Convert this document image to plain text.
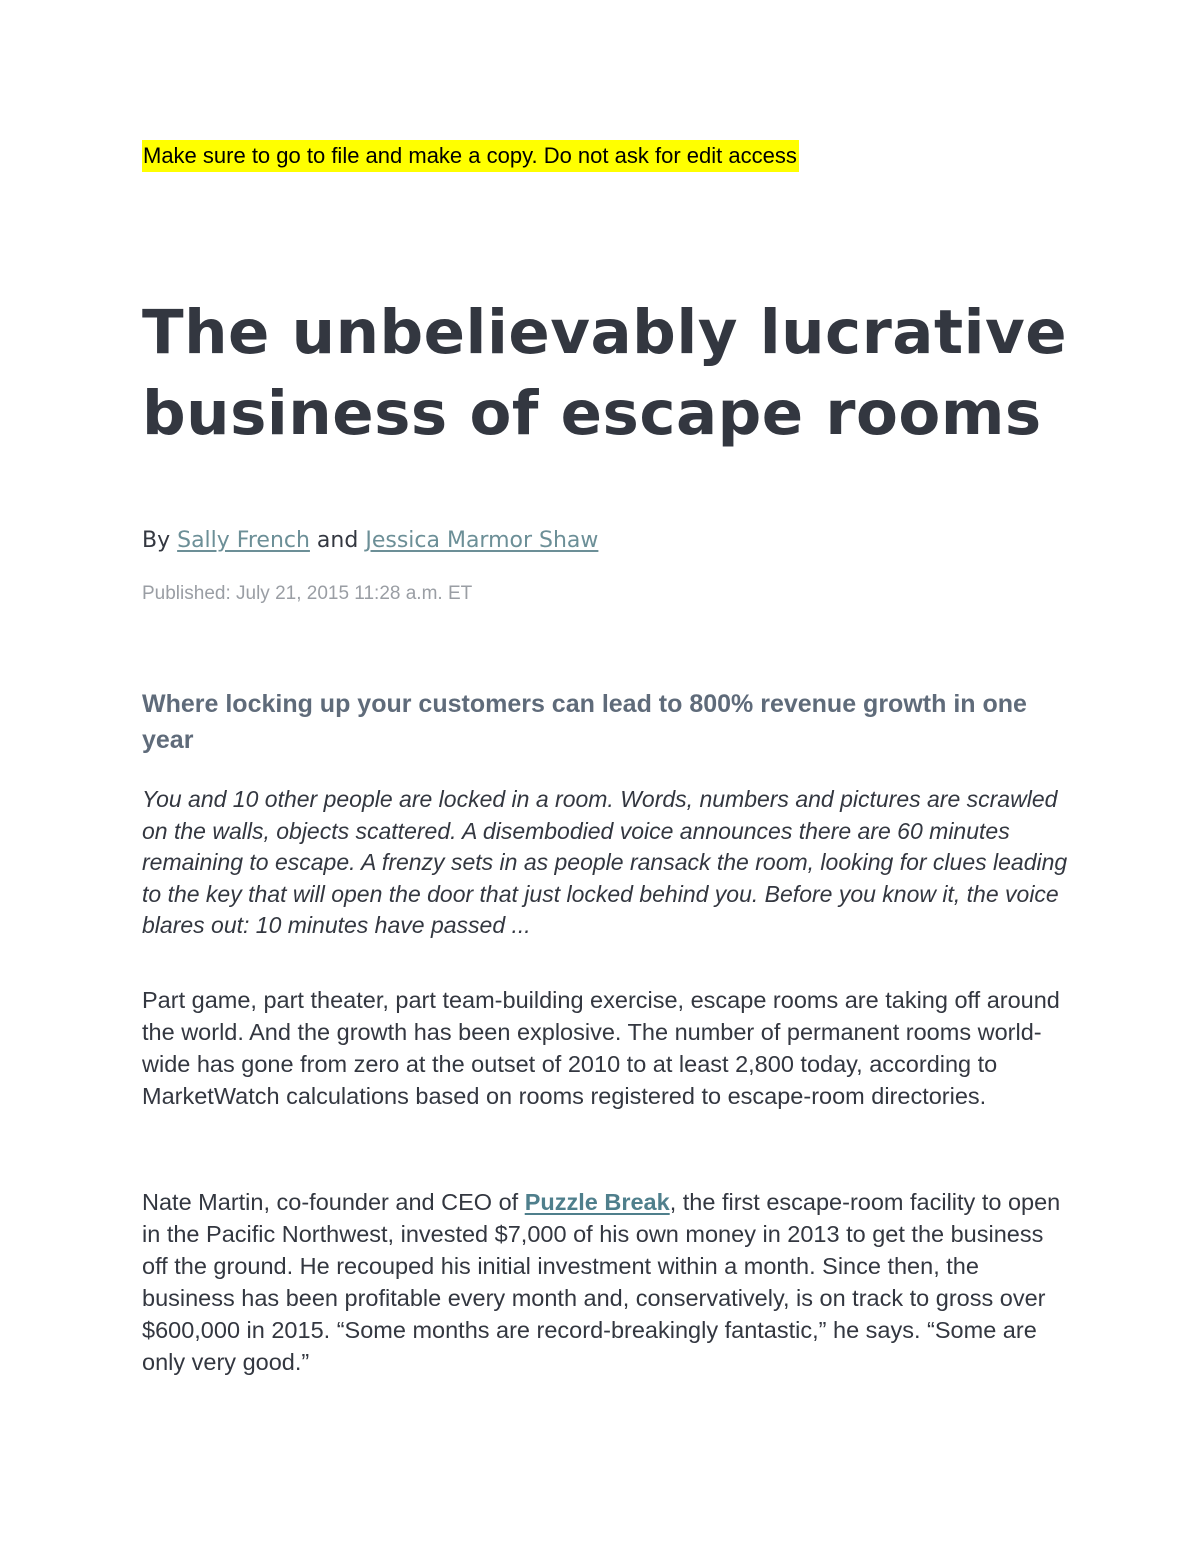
Make sure to go to file and make a copy. Do not ask for edit access
The unbelievably lucrative business of escape rooms
By Sally French and Jessica Marmor Shaw
Published: July 21, 2015 11:28 a.m. ET
Where locking up your customers can lead to 800% revenue growth in one year

You and 10 other people are locked in a room. Words, numbers and pictures are scrawled on the walls, objects scattered. A disembodied voice announces there are 60 minutes remaining to escape. A frenzy sets in as people ransack the room, looking for clues leading to the key that will open the door that just locked behind you. Before you know it, the voice blares out: 10 minutes have passed ...

Part game, part theater, part team-building exercise, escape rooms are taking off around the world. And the growth has been explosive. The number of permanent rooms world-wide has gone from zero at the outset of 2010 to at least 2,800 today, according to MarketWatch calculations based on rooms registered to escape-room directories.

Nate Martin, co-founder and CEO of Puzzle Break, the first escape-room facility to open in the Pacific Northwest, invested $7,000 of his own money in 2013 to get the business off the ground. He recouped his initial investment within a month. Since then, the business has been profitable every month and, conservatively, is on track to gross over $600,000 in 2015. “Some months are record-breakingly fantastic,” he says. “Some are only very good.”
